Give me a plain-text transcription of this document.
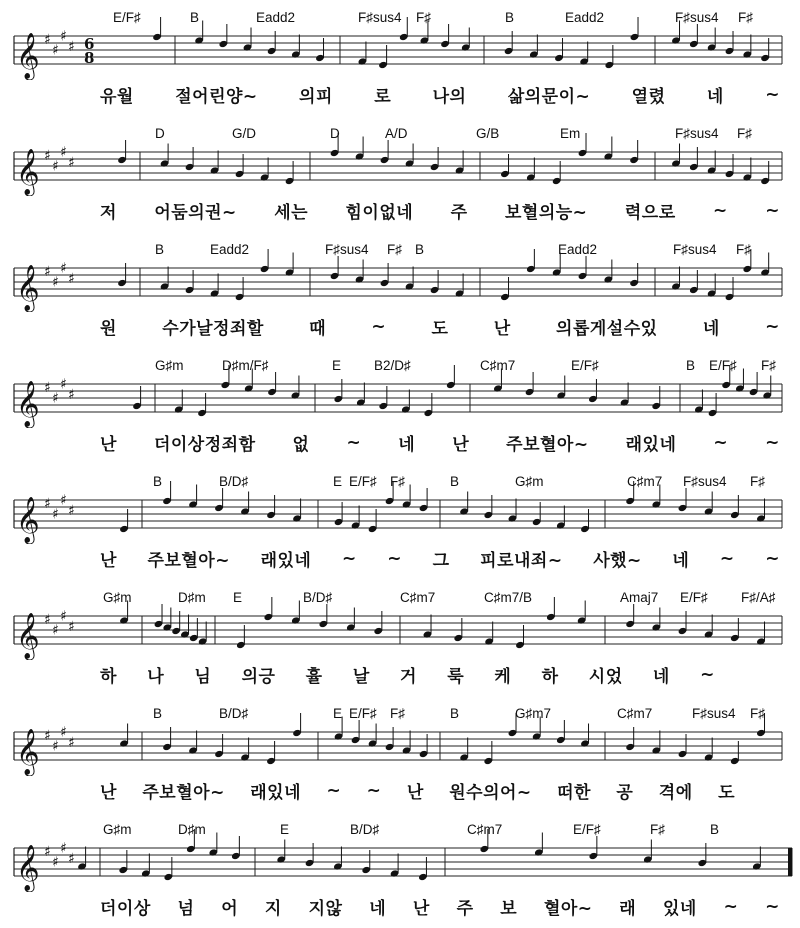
𝄞 ♯
♯
♯
♯ 6
8
E/F♯	B	Eadd2	F♯sus4 F♯	B	Eadd2	F♯sus4 F♯
유월 절어린양~ 의피 로 나의 삶의문이~ 열렸 네 ~
𝄞 ♯
♯
♯
♯
D	G/D	D	A/D	G/B	Em	F♯sus4 F♯
저 어둠의권~ 세는 힘이없네 주 보혈의능~ 력으로 ~ ~
𝄞 ♯
♯
♯
♯
B	Eadd2	F♯sus4 F♯ B	Eadd2	F♯sus4 F♯
원	수가날정죄할	때	~	도	난	의롭게설수있	네	~
𝄞 ♯
♯
♯
♯
G♯m	D♯m/F♯	E B2/D♯	C♯m7	E/F♯	B E/F♯ F♯
난 더이상정죄함 없 ~ 네 난 주보혈아~ 래있네 ~ ~
𝄞 ♯
♯
♯
♯
B	B/D♯	E E/F♯ F♯	B	G♯m	C♯m7 F♯sus4 F♯
난 주보혈아~ 래있네 ~ ~ 그 피로내죄~ 사했~ 네 ~ ~
𝄞 ♯
♯
♯
♯
G♯m	D♯m E	B/D♯	C♯m7	C♯m7/B	Amaj7 E/F♯ F♯/A♯
하 나 님 의긍 휼 날 거 룩 케 하 시었 네 ~
𝄞 ♯
♯
♯
♯
B	B/D♯	E E/F♯ F♯	B	G♯m7	C♯m7	F♯sus4 F♯
난 주보혈아~ 래있네 ~ ~ 난 원수의어~ 떠한 공 격에 도
𝄞 ♯
♯
♯
♯
G♯m	D♯m	E	B/D♯	C♯m7	E/F♯	F♯	B
더이상 넘 어 지 지않 네 난 주 보 혈아~ 래 있네 ~ ~
